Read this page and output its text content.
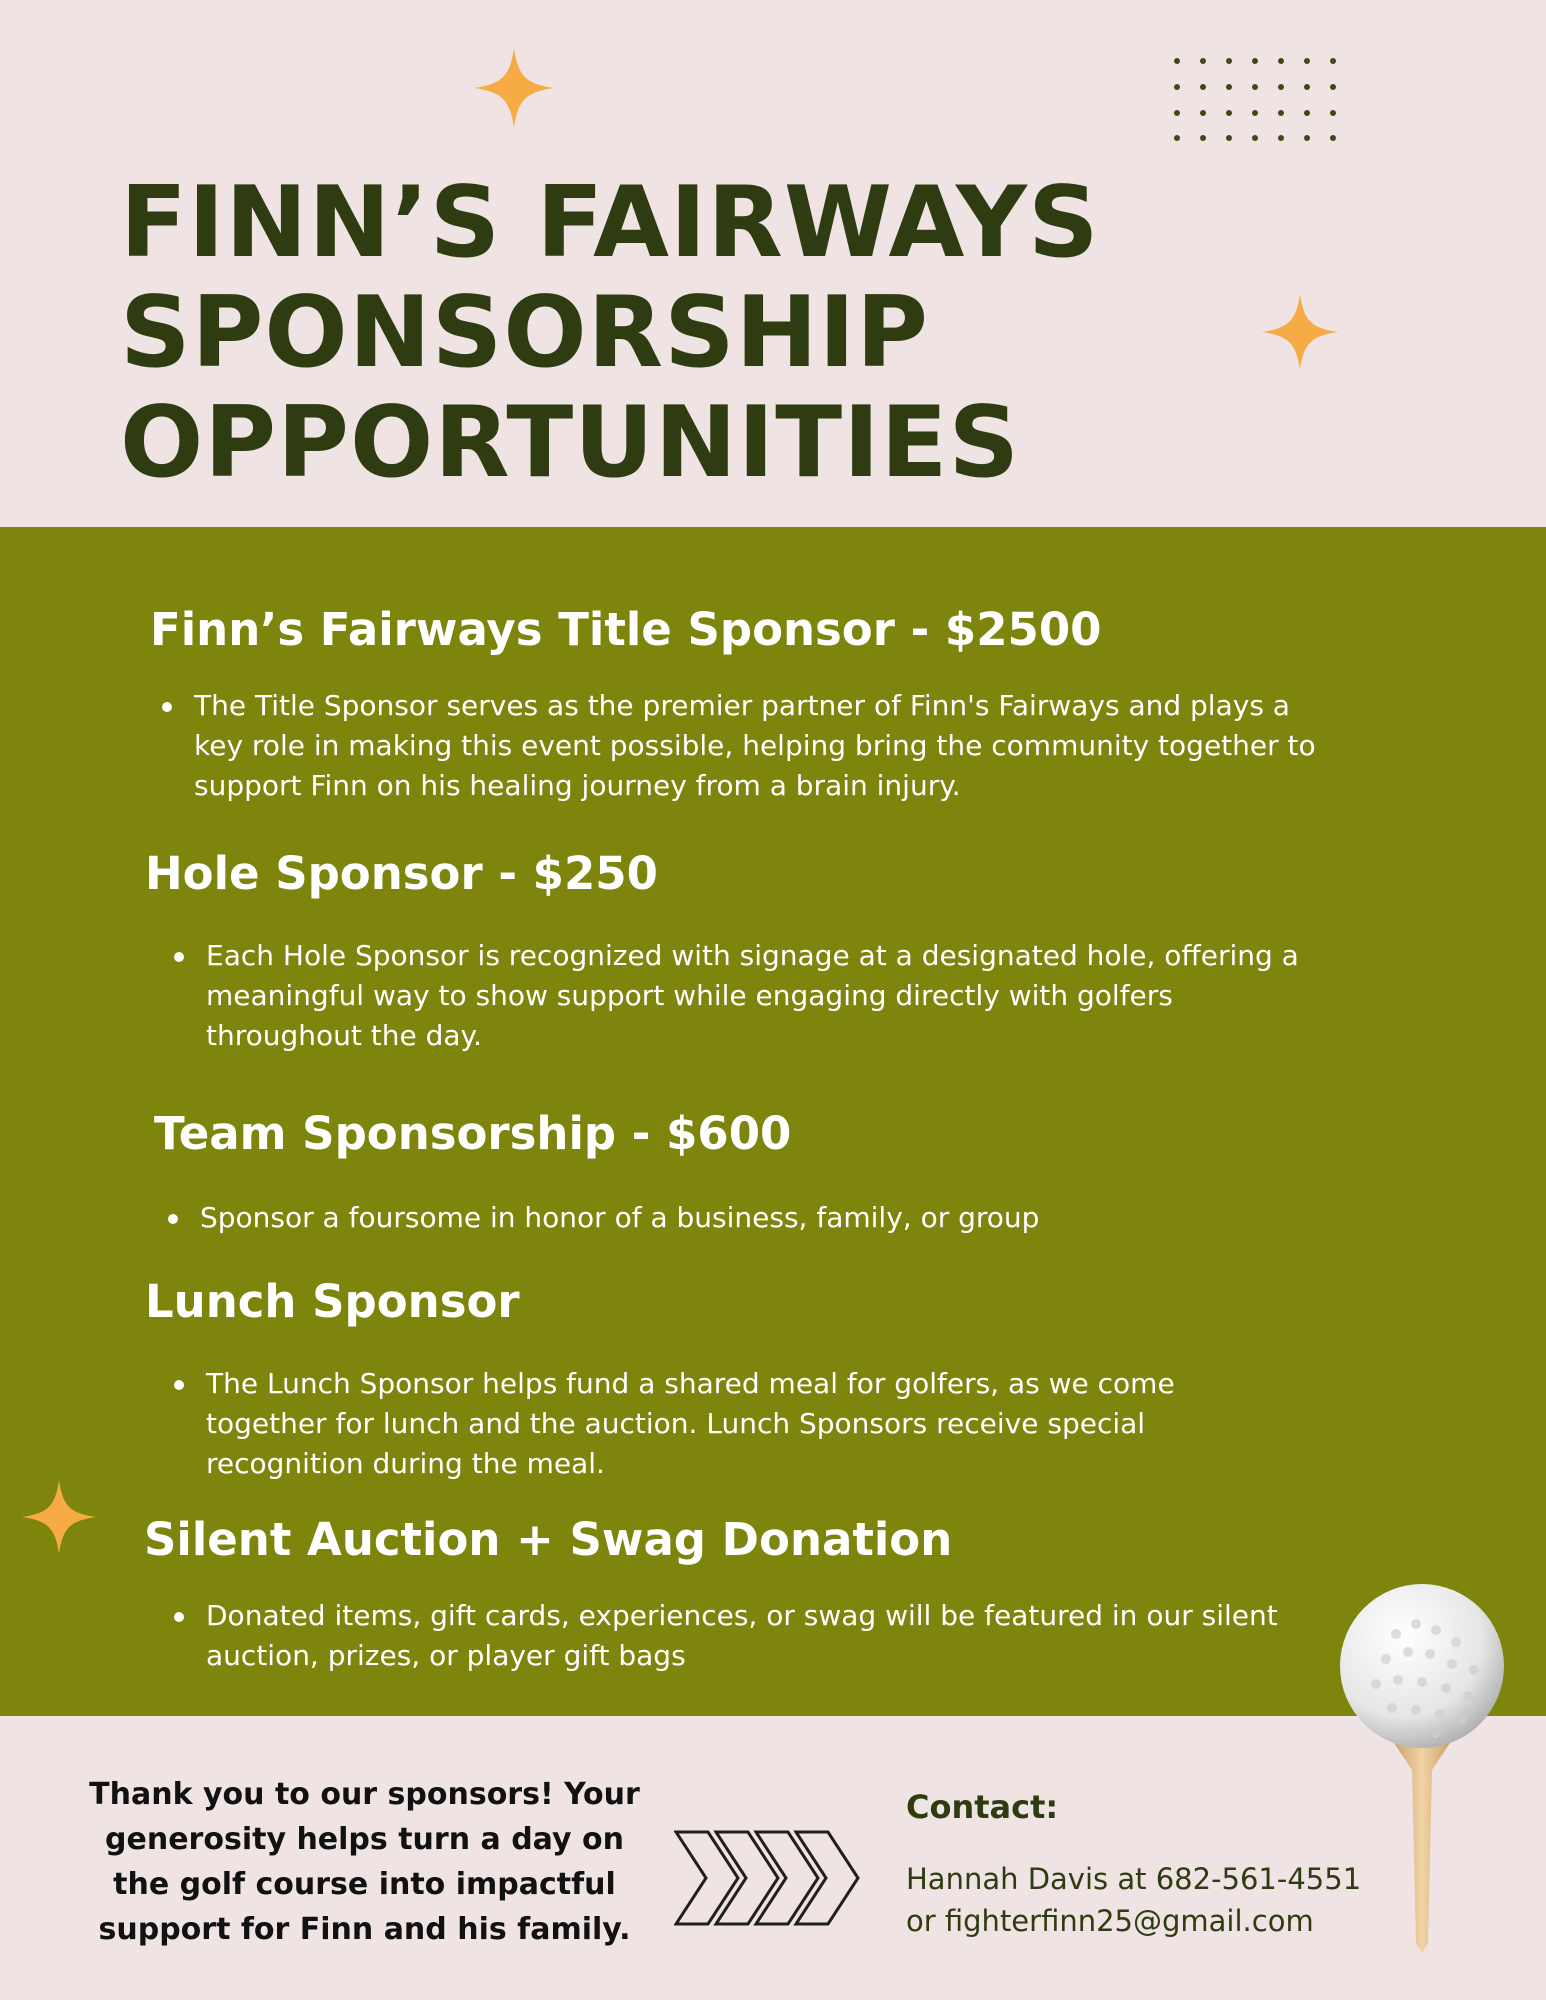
FINN’S FAIRWAYS
SPONSORSHIP
OPPORTUNITIES
Finn’s Fairways Title Sponsor - $2500
The Title Sponsor serves as the premier partner of Finn's Fairways and plays a key role in making this event possible, helping bring the community together to support Finn on his healing journey from a brain injury.
Hole Sponsor - $250
Each Hole Sponsor is recognized with signage at a designated hole, offering a meaningful way to show support while engaging directly with golfers throughout the day.
Team Sponsorship - $600
Sponsor a foursome in honor of a business, family, or group
Lunch Sponsor
The Lunch Sponsor helps fund a shared meal for golfers, as we come together for lunch and the auction. Lunch Sponsors receive special recognition during the meal.
Silent Auction + Swag Donation
Donated items, gift cards, experiences, or swag will be featured in our silent auction, prizes, or player gift bags

Thank you to our sponsors! Your generosity helps turn a day on the golf course into impactful support for Finn and his family.

Contact:

Hannah Davis at 682-561-4551

or fighterfinn25@gmail.com
